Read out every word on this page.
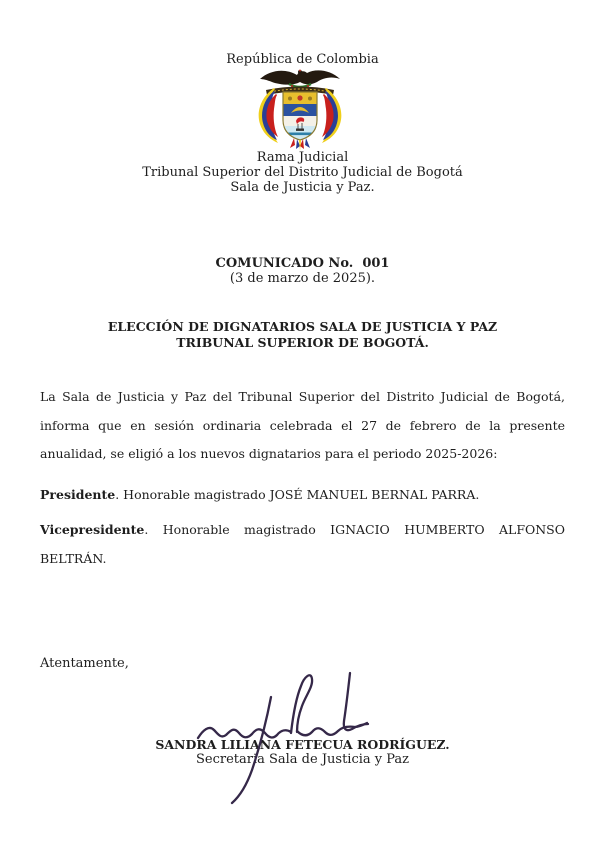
República de Colombia
Rama Judicial
Tribunal Superior del Distrito Judicial de Bogotá
Sala de Justicia y Paz.
COMUNICADO No.  001
(3 de marzo de 2025).
ELECCIÓN DE DIGNATARIOS SALA DE JUSTICIA Y PAZ
TRIBUNAL SUPERIOR DE BOGOTÁ.
La Sala de Justicia y Paz del Tribunal Superior del Distrito Judicial de Bogotá,
informa que en sesión ordinaria celebrada el 27 de febrero de la presente
anualidad, se eligió a los nuevos dignatarios para el periodo 2025-2026:
Presidente. Honorable magistrado JOSÉ MANUEL BERNAL PARRA.
Vicepresidente. Honorable magistrado IGNACIO HUMBERTO ALFONSO
BELTRÁN.
Atentamente,
SANDRA LILIANA FETECUA RODRÍGUEZ.
Secretaria Sala de Justicia y Paz
